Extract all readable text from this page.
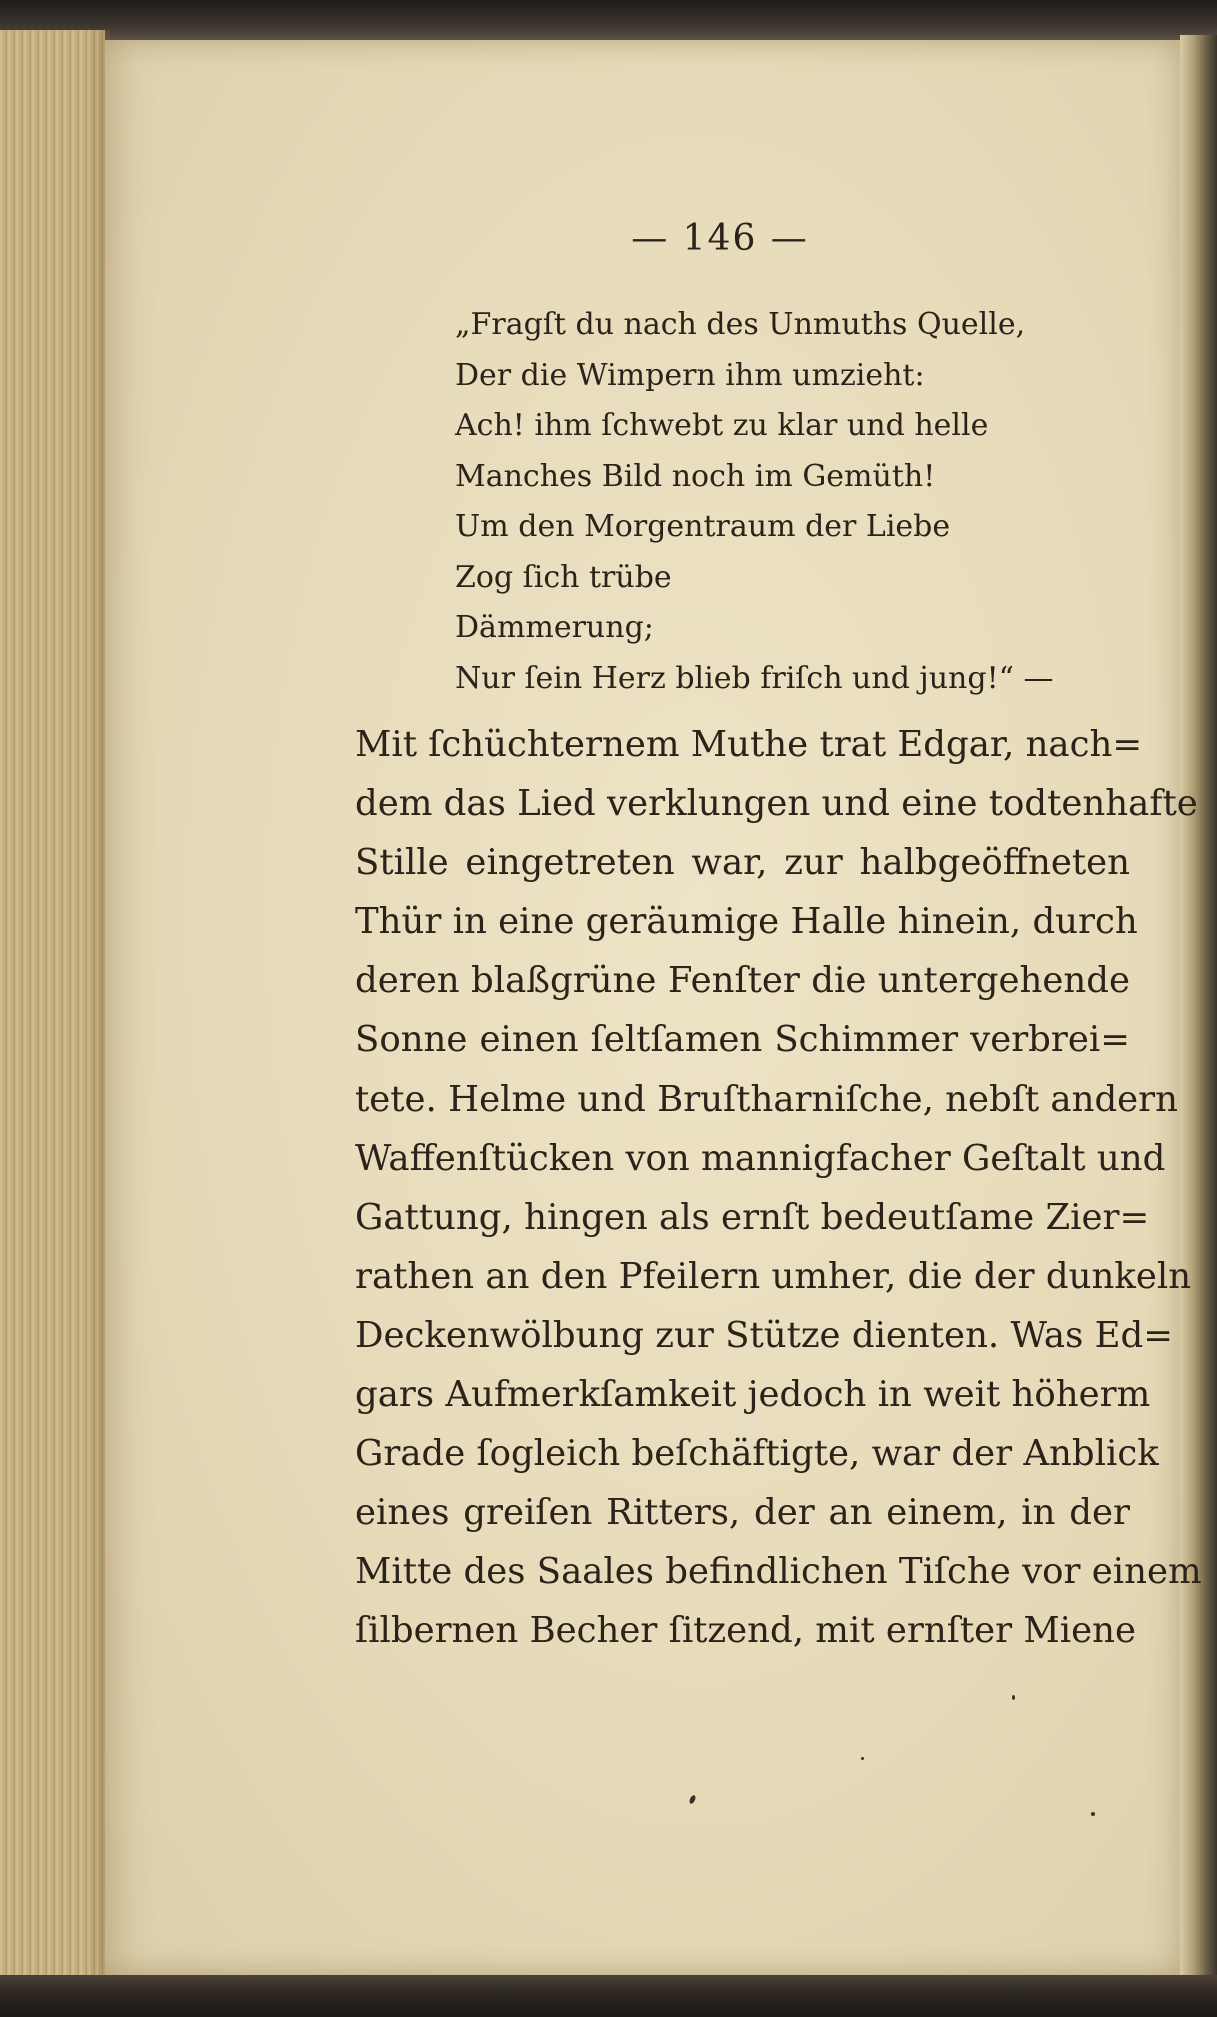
— 146 —
„Fragſt du nach des Unmuths Quelle,
Der die Wimpern ihm umzieht:
Ach! ihm ſchwebt zu klar und helle
Manches Bild noch im Gemüth!
Um den Morgentraum der Liebe
Zog ſich trübe
Dämmerung;
Nur ſein Herz blieb friſch und jung!“ —
Mit ſchüchternem Muthe trat Edgar, nach=
dem das Lied verklungen und eine todtenhafte
Stille eingetreten war, zur halbgeöffneten
Thür in eine geräumige Halle hinein, durch
deren blaßgrüne Fenſter die untergehende
Sonne einen ſeltſamen Schimmer verbrei=
tete. Helme und Bruſtharniſche, nebſt andern
Waffenſtücken von mannigfacher Geſtalt und
Gattung, hingen als ernſt bedeutſame Zier=
rathen an den Pfeilern umher, die der dunkeln
Deckenwölbung zur Stütze dienten. Was Ed=
gars Aufmerkſamkeit jedoch in weit höherm
Grade ſogleich beſchäftigte, war der Anblick
eines greiſen Ritters, der an einem, in der
Mitte des Saales befindlichen Tiſche vor einem
ſilbernen Becher ſitzend, mit ernſter Miene
